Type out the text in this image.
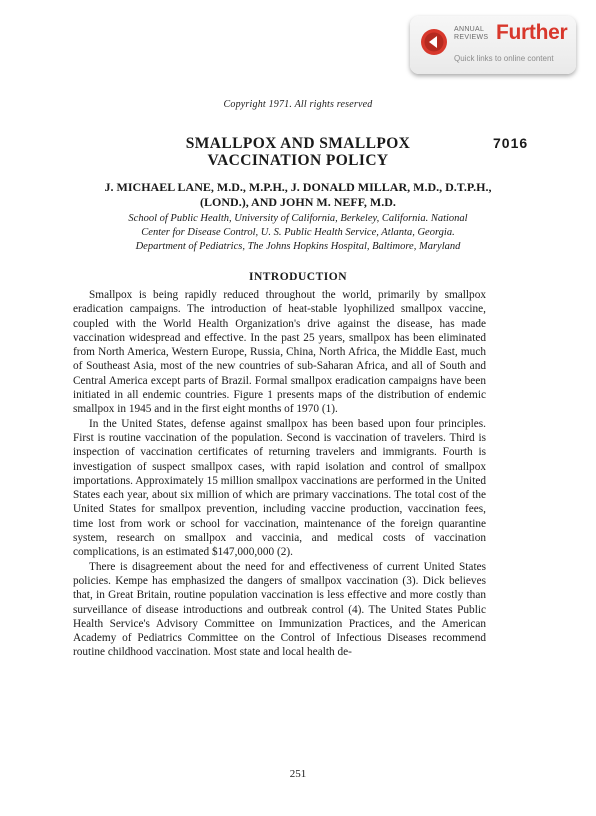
ANNUAL
REVIEWS Further
Quick links to online content
Copyright 1971. All rights reserved
SMALLPOX AND SMALLPOX
VACCINATION POLICY
7016
J. MICHAEL LANE, M.D., M.P.H., J. DONALD MILLAR, M.D., D.T.P.H.,
(LOND.), AND JOHN M. NEFF, M.D.
School of Public Health, University of California, Berkeley, California. National
Center for Disease Control, U. S. Public Health Service, Atlanta, Georgia.
Department of Pediatrics, The Johns Hopkins Hospital, Baltimore, Maryland
INTRODUCTION

Smallpox is being rapidly reduced throughout the world, primarily by smallpox eradication campaigns. The introduction of heat-stable lyophilized smallpox vaccine, coupled with the World Health Organization's drive against the disease, has made vaccination widespread and effective. In the past 25 years, smallpox has been eliminated from North America, Western Europe, Russia, China, North Africa, the Middle East, much of Southeast Asia, most of the new countries of sub-Saharan Africa, and all of South and Central America except parts of Brazil. Formal smallpox eradication campaigns have been initiated in all endemic countries. Figure 1 presents maps of the distribution of endemic smallpox in 1945 and in the first eight months of 1970 (1).

In the United States, defense against smallpox has been based upon four principles. First is routine vaccination of the population. Second is vaccination of travelers. Third is inspection of vaccination certificates of returning travelers and immigrants. Fourth is investigation of suspect smallpox cases, with rapid isolation and control of smallpox importations. Approximately 15 million smallpox vaccinations are performed in the United States each year, about six million of which are primary vaccinations. The total cost of the United States for smallpox prevention, including vaccine production, vaccination fees, time lost from work or school for vaccination, maintenance of the foreign quarantine system, research on smallpox and vaccinia, and medical costs of vaccination complications, is an estimated $147,000,000 (2).

There is disagreement about the need for and effectiveness of current United States policies. Kempe has emphasized the dangers of smallpox vaccination (3). Dick believes that, in Great Britain, routine population vaccination is less effective and more costly than surveillance of disease introductions and outbreak control (4). The United States Public Health Service's Advisory Committee on Immunization Practices, and the American Academy of Pediatrics Committee on the Control of Infectious Diseases recommend routine childhood vaccination. Most state and local health de-

251
